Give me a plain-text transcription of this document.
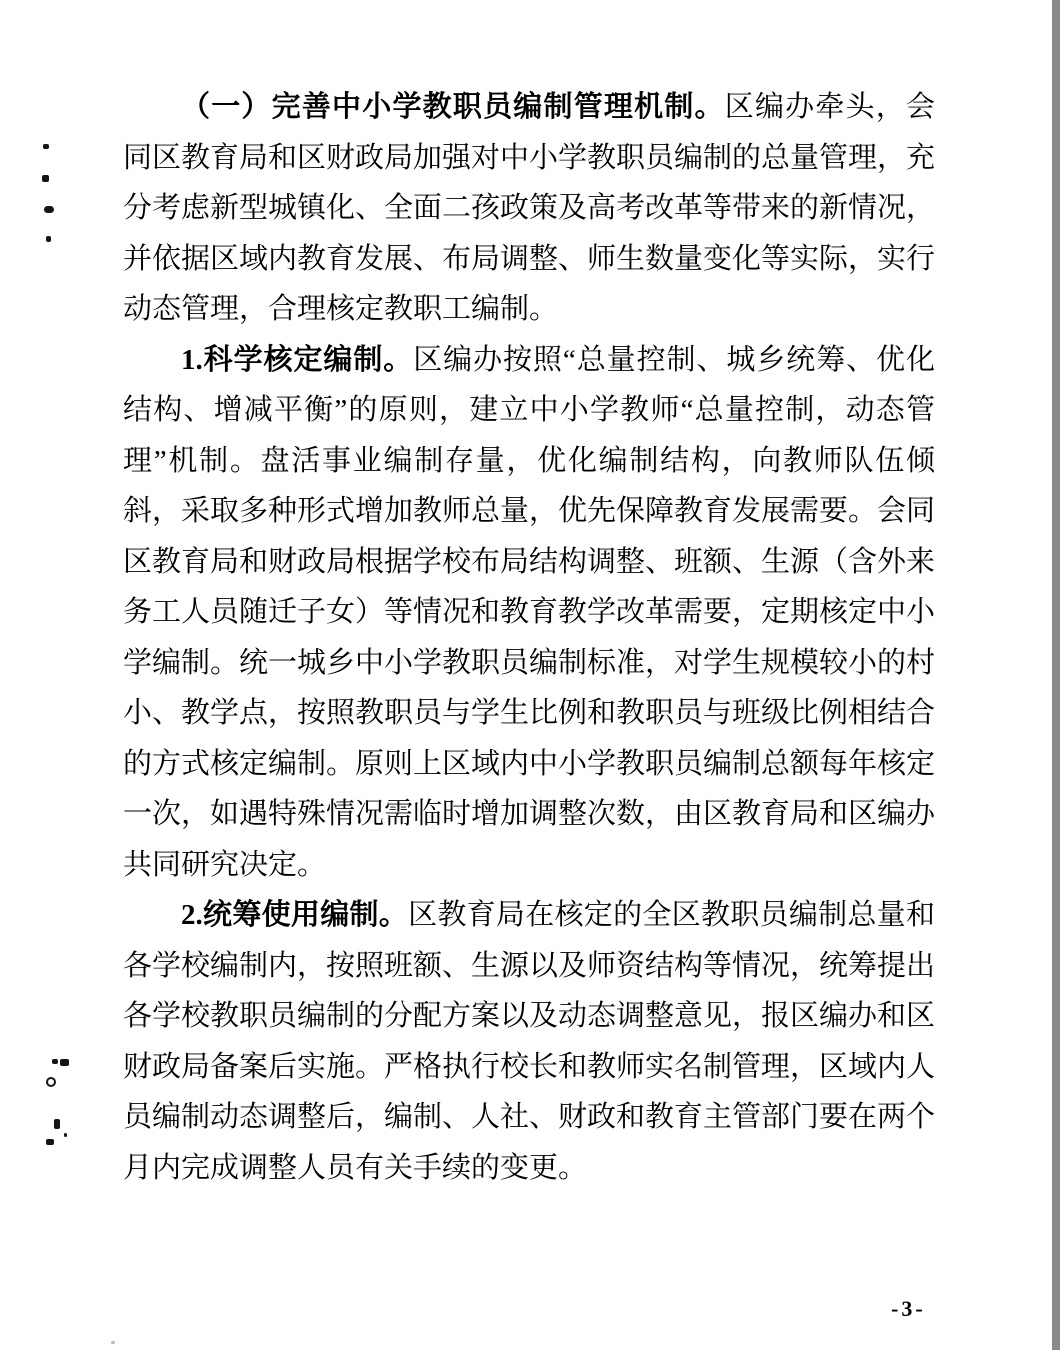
（一）完善中小学教职员编制管理机制。区编办牵头，会同区教育局和区财政局加强对中小学教职员编制的总量管理，充分考虑新型城镇化、全面二孩政策及高考改革等带来的新情况，并依据区域内教育发展、布局调整、师生数量变化等实际，实行动态管理，合理核定教职工编制。

1.科学核定编制。区编办按照“总量控制、城乡统筹、优化结构、增减平衡”的原则，建立中小学教师“总量控制，动态管理”机制。盘活事业编制存量，优化编制结构，向教师队伍倾斜，采取多种形式增加教师总量，优先保障教育发展需要。会同区教育局和财政局根据学校布局结构调整、班额、生源（含外来务工人员随迁子女）等情况和教育教学改革需要，定期核定中小学编制。统一城乡中小学教职员编制标准，对学生规模较小的村小、教学点，按照教职员与学生比例和教职员与班级比例相结合的方式核定编制。原则上区域内中小学教职员编制总额每年核定一次，如遇特殊情况需临时增加调整次数，由区教育局和区编办共同研究决定。

2.统筹使用编制。区教育局在核定的全区教职员编制总量和各学校编制内，按照班额、生源以及师资结构等情况，统筹提出各学校教职员编制的分配方案以及动态调整意见，报区编办和区财政局备案后实施。严格执行校长和教师实名制管理，区域内人员编制动态调整后，编制、人社、财政和教育主管部门要在两个月内完成调整人员有关手续的变更。

-3-
